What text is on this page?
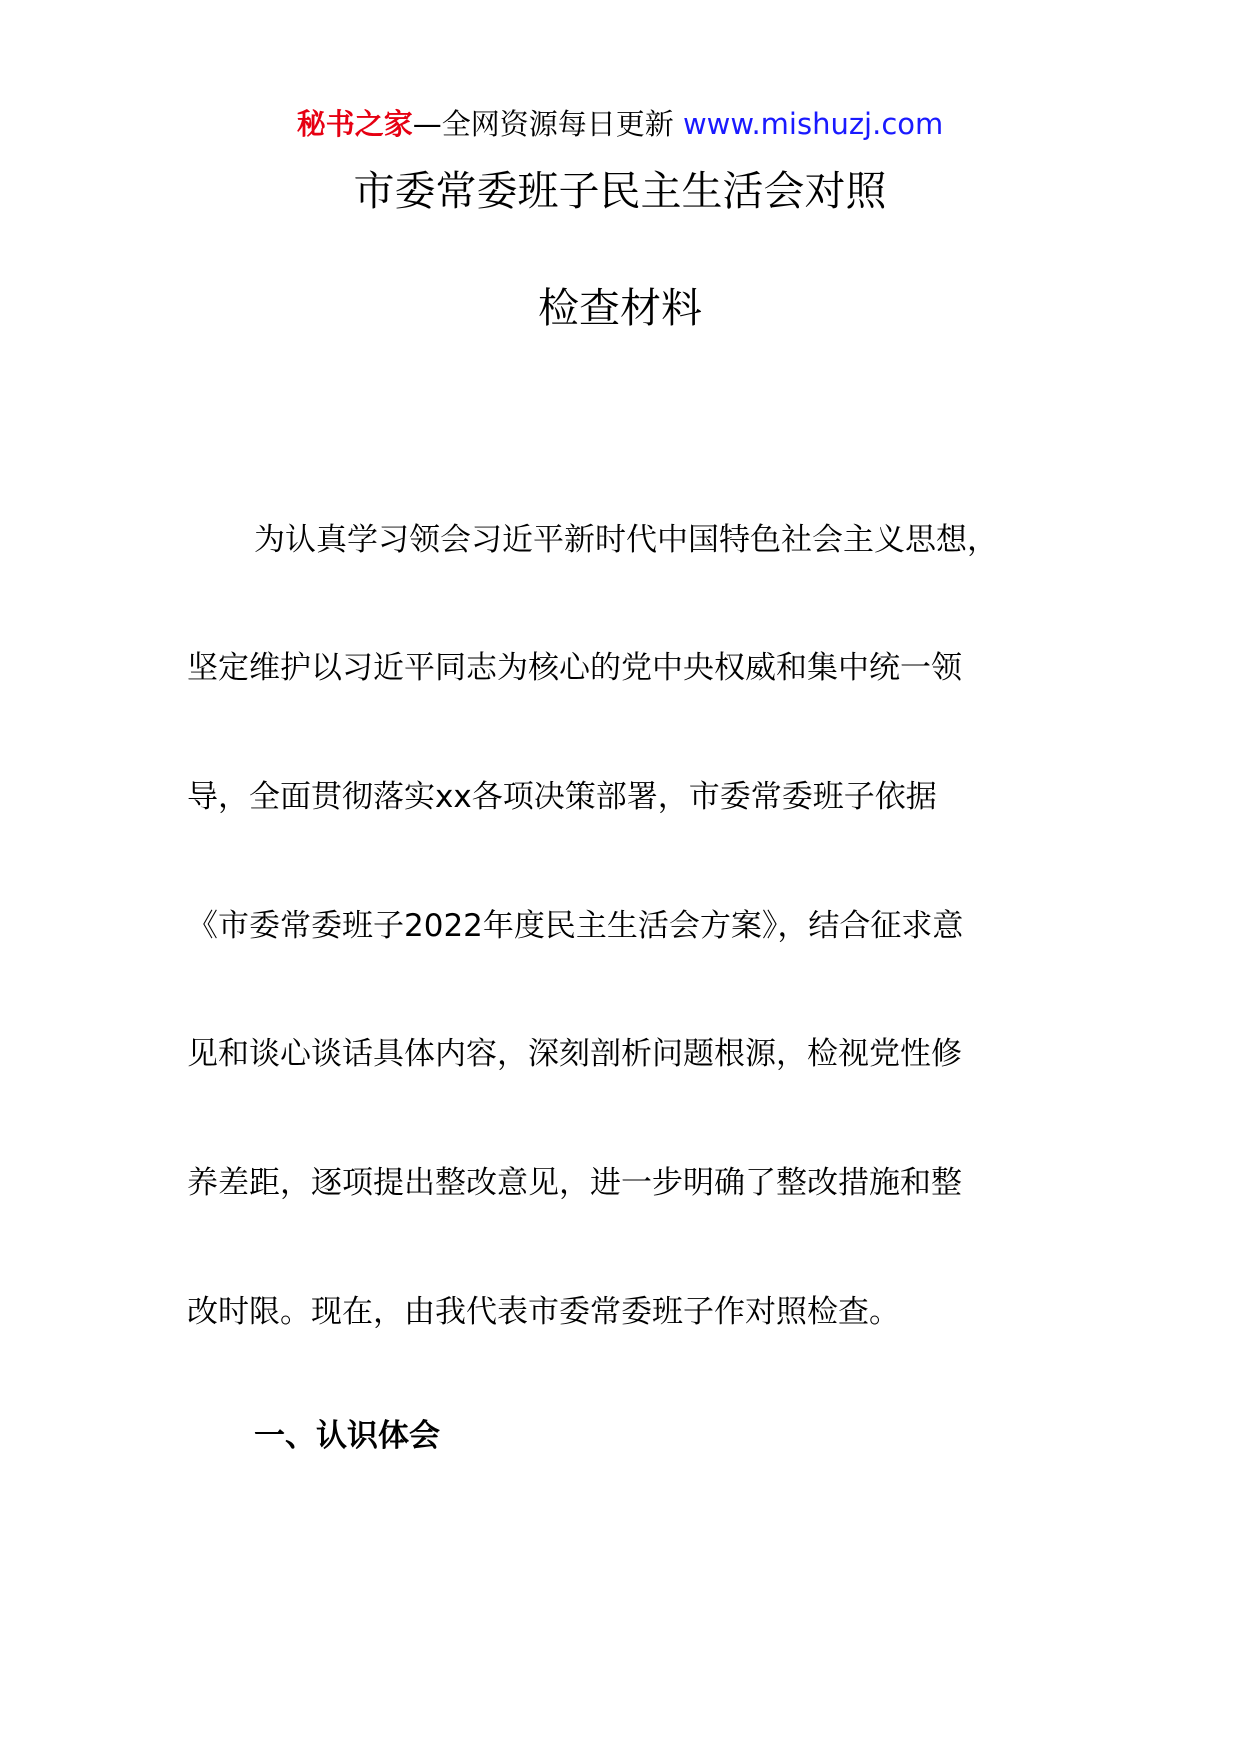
秘书之家—全网资源每日更新 www.mishuzj.com
市委常委班子民主生活会对照
检查材料
为认真学习领会习近平新时代中国特色社会主义思想，
坚定维护以习近平同志为核心的党中央权威和集中统一领
导，全面贯彻落实xx各项决策部署，市委常委班子依据
《市委常委班子2022年度民主生活会方案》，结合征求意
见和谈心谈话具体内容，深刻剖析问题根源，检视党性修
养差距，逐项提出整改意见，进一步明确了整改措施和整
改时限。现在，由我代表市委常委班子作对照检查。
一、认识体会
